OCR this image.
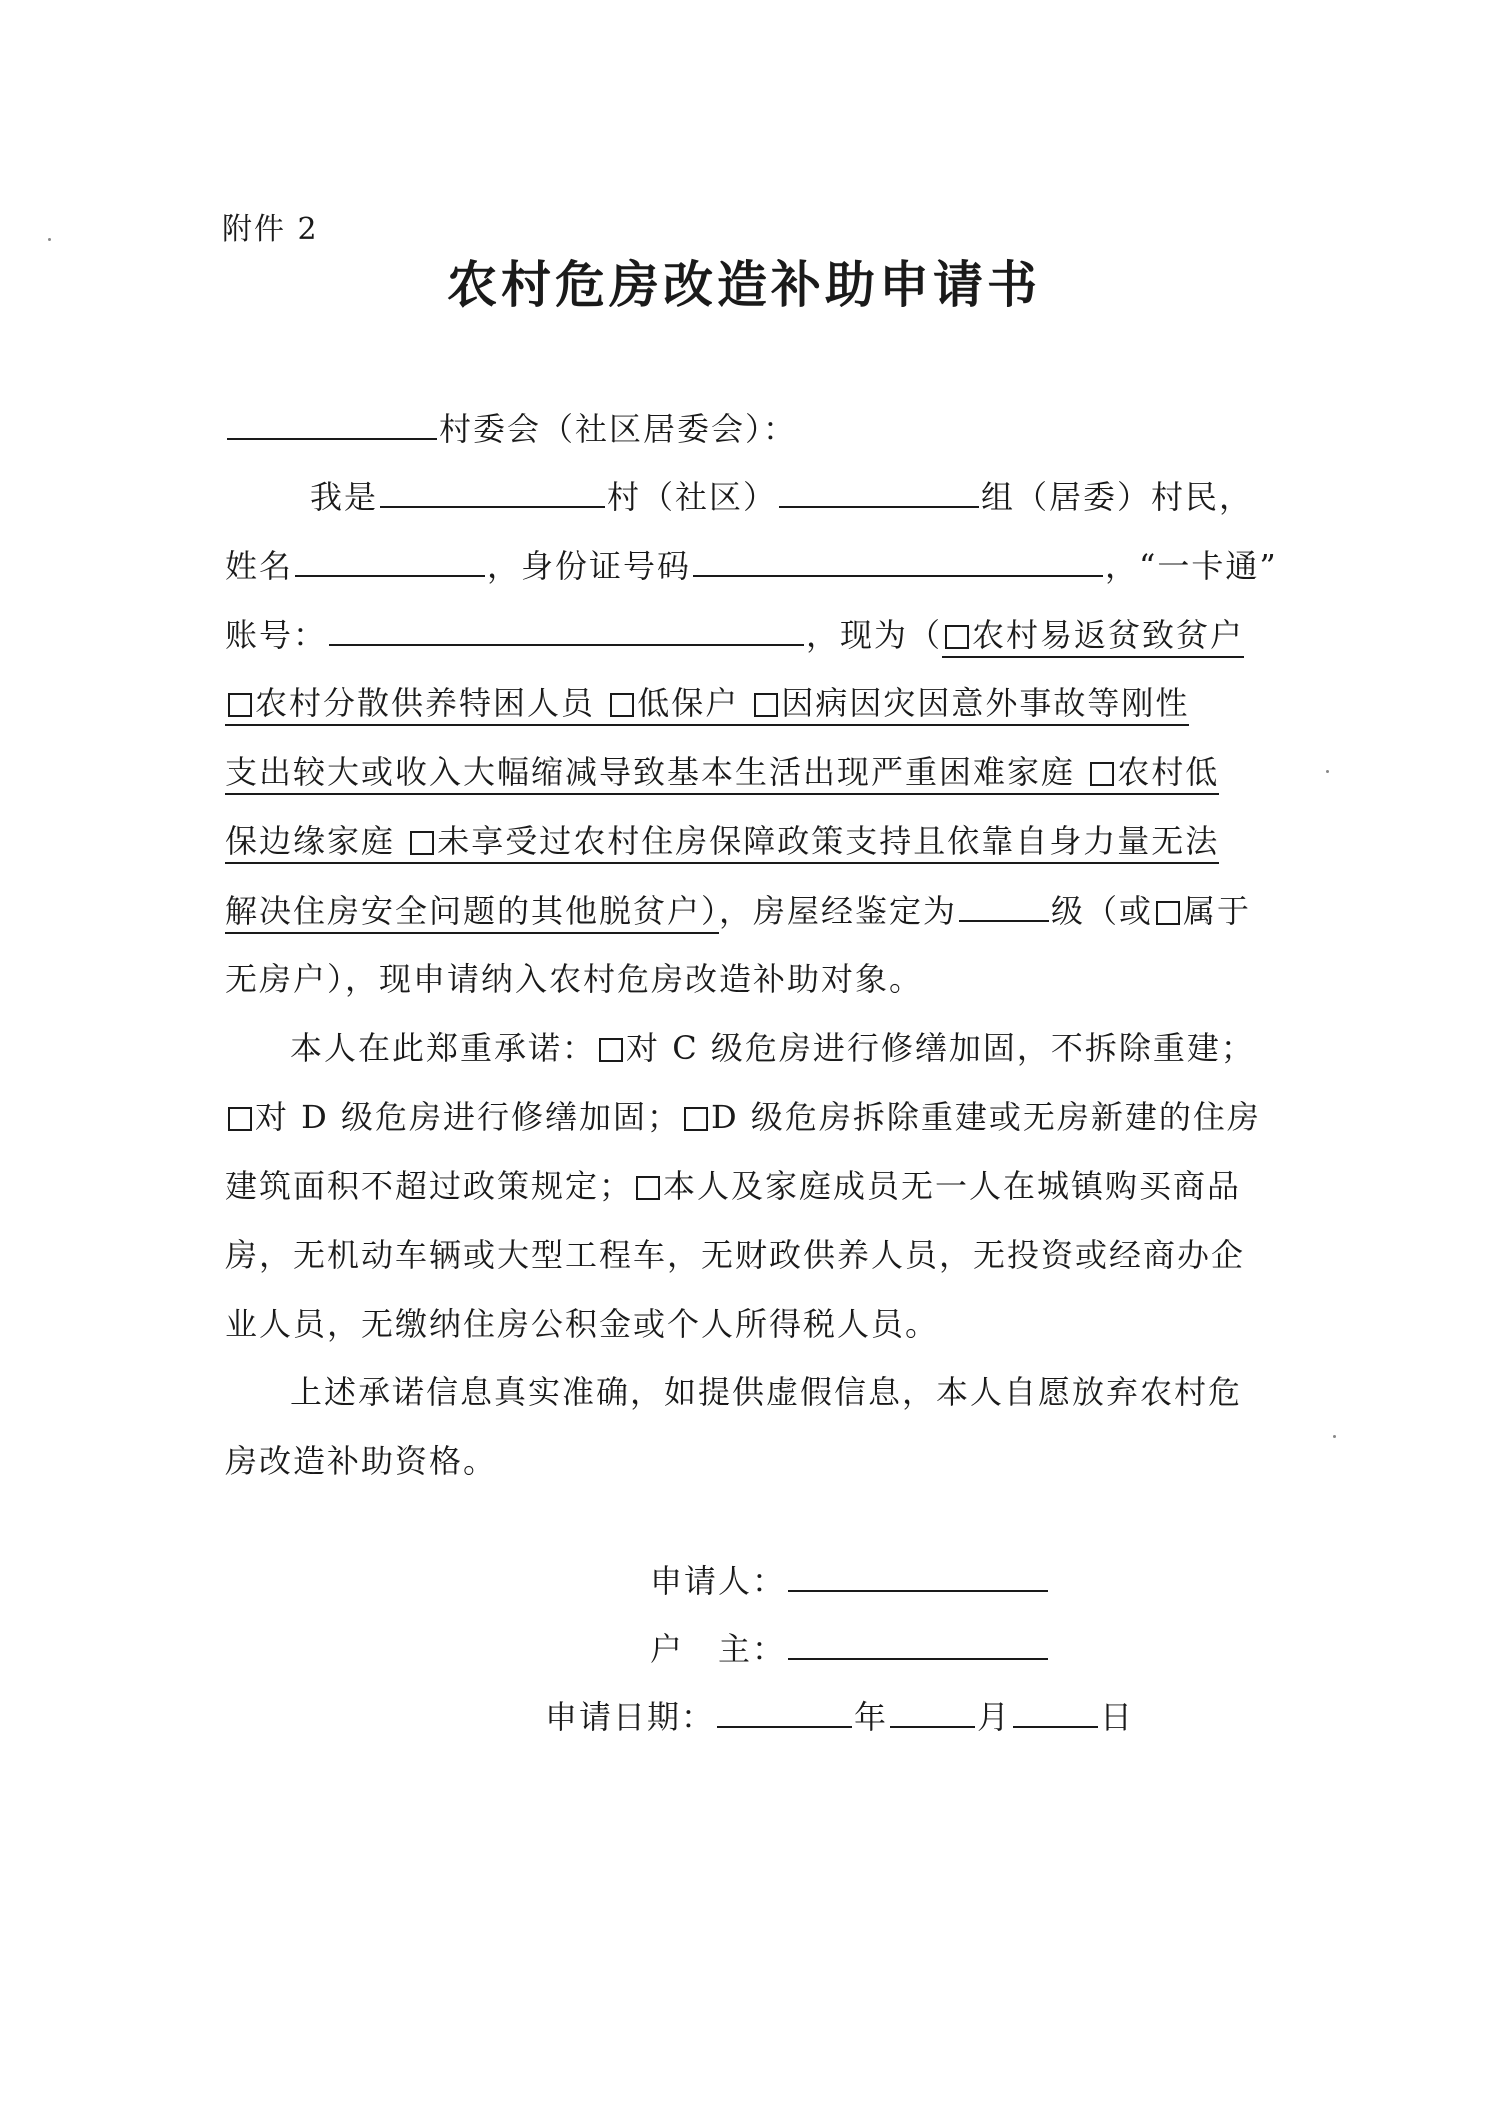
附件 2
农村危房改造补助申请书
村委会（社区居委会）：
我是	村（社区）	组（居委）村民，
姓名	，身份证号码	，“一卡通”
账号：	，现为（ 农村易返贫致贫户
农村分散供养特困人员 低保户 因病因灾因意外事故等刚性
支出较大或收入大幅缩减导致基本生活出现严重困难家庭 农村低
保边缘家庭 未享受过农村住房保障政策支持且依靠自身力量无法
解决住房安全问题的其他脱贫户），房屋经鉴定为	级（或 属于
无房户），现申请纳入农村危房改造补助对象。
本人在此郑重承诺： 对 C 级危房进行修缮加固，不拆除重建；
对 D 级危房进行修缮加固； D 级危房拆除重建或无房新建的住房
建筑面积不超过政策规定； 本人及家庭成员无一人在城镇购买商品
房，无机动车辆或大型工程车，无财政供养人员，无投资或经商办企
业人员，无缴纳住房公积金或个人所得税人员。
上述承诺信息真实准确，如提供虚假信息，本人自愿放弃农村危
房改造补助资格。
申请人：
户　主：
申请日期：	年	月	日
